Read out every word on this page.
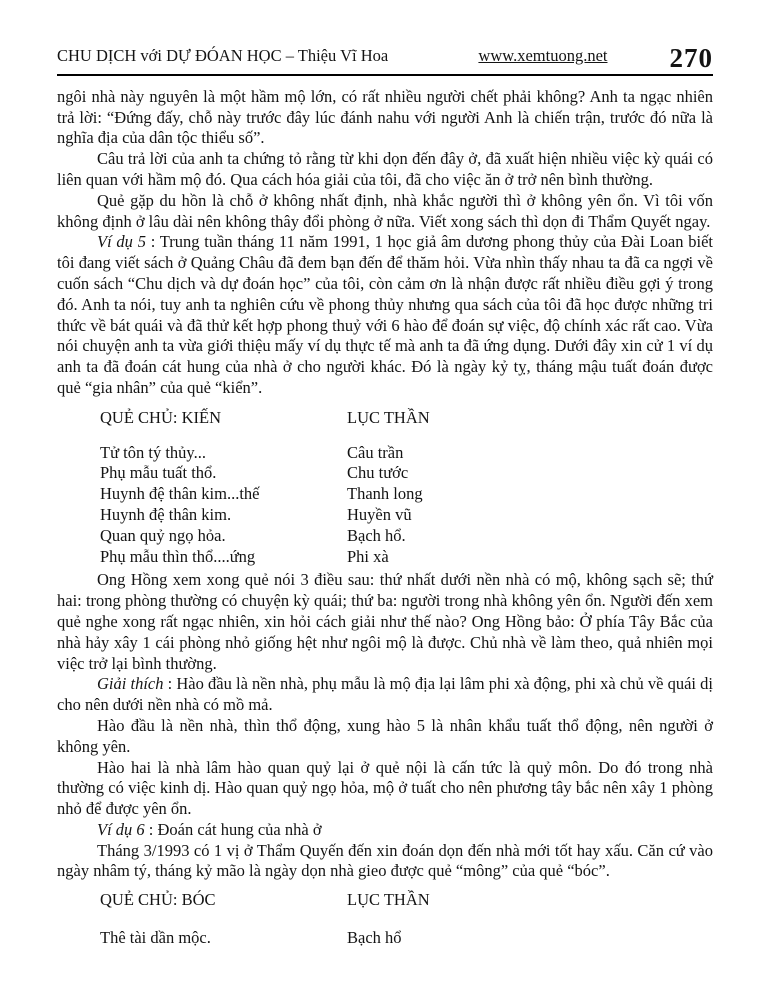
CHU DỊCH với DỰ ĐÓAN HỌC – Thiệu Vĩ Hoa	www.xemtuong.net 270

ngôi nhà này nguyên là một hầm mộ lớn, có rất nhiều người chết phải không? Anh ta ngạc nhiên trả lời: “Đứng đấy, chỗ này trước đây lúc đánh nahu với người Anh là chiến trận, trước đó nữa là nghĩa địa của dân tộc thiểu số”.

Câu trả lời của anh ta chứng tỏ rằng từ khi dọn đến đây ở, đã xuất hiện nhiều việc kỳ quái có liên quan với hầm mộ đó. Qua cách hóa giải của tôi, đã cho việc ăn ở trở nên bình thường.

Quẻ gặp du hồn là chỗ ở không nhất định, nhà khắc người thì ở không yên ổn. Vì tôi vốn không định ở lâu dài nên không thây đổi phòng ở nữa. Viết xong sách thì dọn đi Thẩm Quyết ngay.

Ví dụ 5 : Trung tuần tháng 11 năm 1991, 1 học giả âm dương phong thủy của Đài Loan biết tôi đang viết sách ở Quảng Châu đã đem bạn đến để thăm hỏi. Vừa nhìn thấy nhau ta đã ca ngợi về cuốn sách “Chu dịch và dự đoán học” của tôi, còn cảm ơn là nhận được rất nhiều điều gợi ý trong đó. Anh ta nói, tuy anh ta nghiên cứu về phong thủy nhưng qua sách của tôi đã học được những tri thức về bát quái và đã thử kết hợp phong thuỷ với 6 hào để đoán sự việc, độ chính xác rất cao. Vừa nói chuyện anh ta vừa giới thiệu mấy ví dụ thực tế mà anh ta đã ứng dụng. Dưới đây xin cử 1 ví dụ anh ta đã đoán cát hung của nhà ở cho người khác. Đó là ngày kỷ tỵ, tháng mậu tuất đoán được quẻ “gia nhân” của quẻ “kiển”.

QUẺ CHỦ: KIẾN	LỤC THẦN
Tử tôn tý thủy...	Câu trần
Phụ mẫu tuất thổ.	Chu tước
Huynh đệ thân kim...thế	Thanh long
Huynh đệ thân kim.	Huyền vũ
Quan quỷ ngọ hỏa.	Bạch hổ.
Phụ mẫu thìn thổ....ứng	Phi xà

Ong Hồng xem xong quẻ nói 3 điều sau: thứ nhất dưới nền nhà có mộ, không sạch sẽ; thứ hai: trong phòng thường có chuyện kỳ quái; thứ ba: người trong nhà không yên ổn. Người đến xem quẻ nghe xong rất ngạc nhiên, xin hỏi cách giải như thế nào? Ong Hồng bảo: Ở phía Tây Bắc của nhà hảy xây 1 cái phòng nhỏ giống hệt như ngôi mộ là được. Chủ nhà về làm theo, quả nhiên mọi việc trở lại bình thường.

Giải thích : Hào đầu là nền nhà, phụ mẫu là mộ địa lại lâm phi xà động, phi xà chủ về quái dị cho nên dưới nền nhà có mồ mả.

Hào đầu là nền nhà, thìn thổ động, xung hào 5 là nhân khẩu tuất thổ động, nên người ở không yên.

Hào hai là nhà lâm hào quan quỷ lại ở quẻ nội là cấn tức là quỷ môn. Do đó trong nhà thường có việc kinh dị. Hào quan quỷ ngọ hỏa, mộ ở tuất cho nên phương tây bắc nên xây 1 phòng nhỏ để được yên ổn.

Ví dụ 6 : Đoán cát hung của nhà ở

Tháng 3/1993 có 1 vị ở Thẩm Quyến đến xin đoán dọn đến nhà mới tốt hay xấu. Căn cứ vào ngày nhâm tý, tháng kỷ mão là ngày dọn nhà gieo được quẻ “mông” của quẻ “bóc”.

QUẺ CHỦ: BÓC	LỤC THẦN
Thê tài dần mộc.	Bạch hổ
